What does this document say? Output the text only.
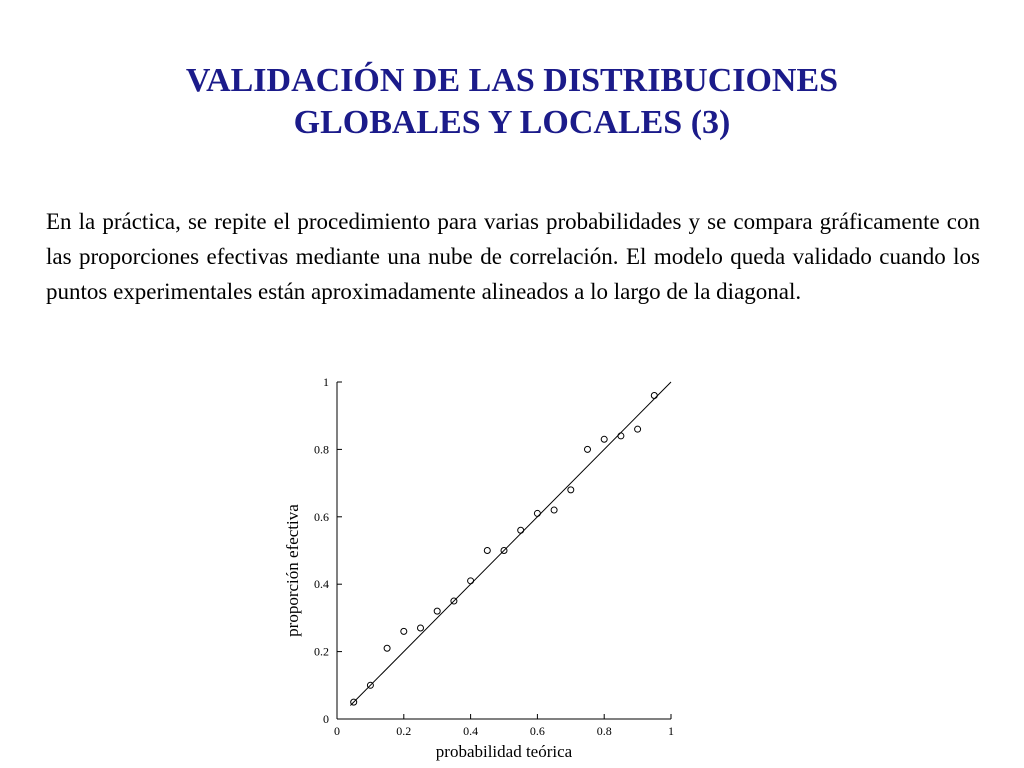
VALIDACIÓN DE LAS DISTRIBUCIONES
GLOBALES Y LOCALES (3)

En la práctica, se repite el procedimiento para varias probabilidades y se compara gráficamente con las proporciones efectivas mediante una nube de correlación. El modelo queda validado cuando los puntos experimentales están aproximadamente alineados a lo largo de la diagonal.

0	0.2	0.4	0.6	0.8	1
0
0.2
0.4
0.6
0.8
1
probabilidad teórica
proporción efectiva
